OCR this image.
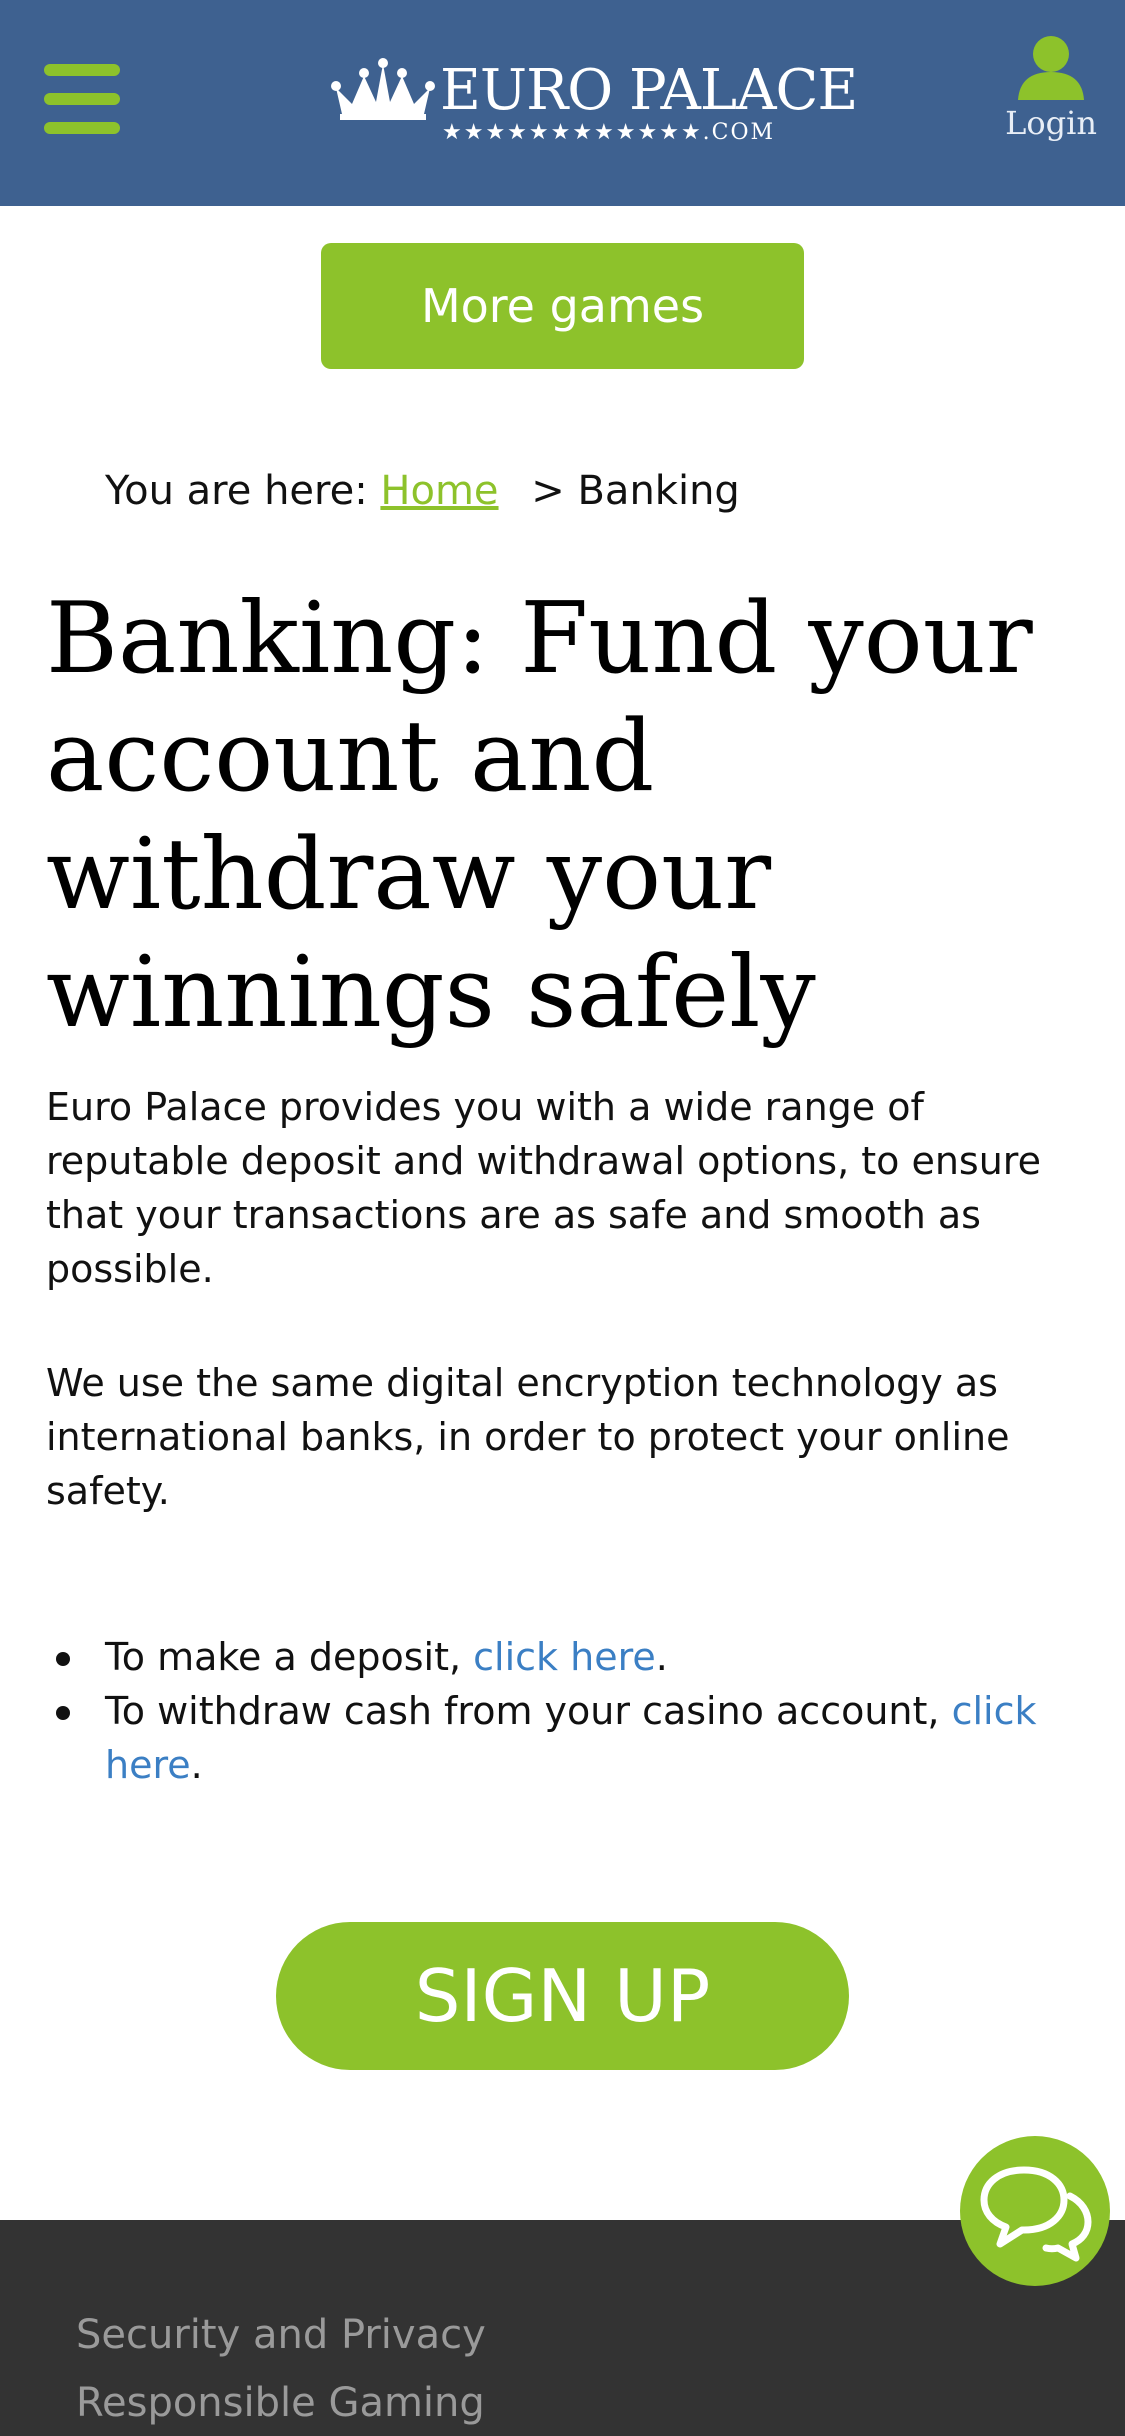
EURO PALACE
★★★★★★★★★★★★.COM	Login
More games
You are here: Home > Banking
Banking: Fund your account and withdraw your winnings safely

Euro Palace provides you with a wide range of reputable deposit and withdrawal options, to ensure that your transactions are as safe and smooth as possible.

We use the same digital encryption technology as international banks, in order to protect your online safety.

To make a deposit, click here.
To withdraw cash from your casino account, click here.
SIGN UP
Security and Privacy
Responsible Gaming
